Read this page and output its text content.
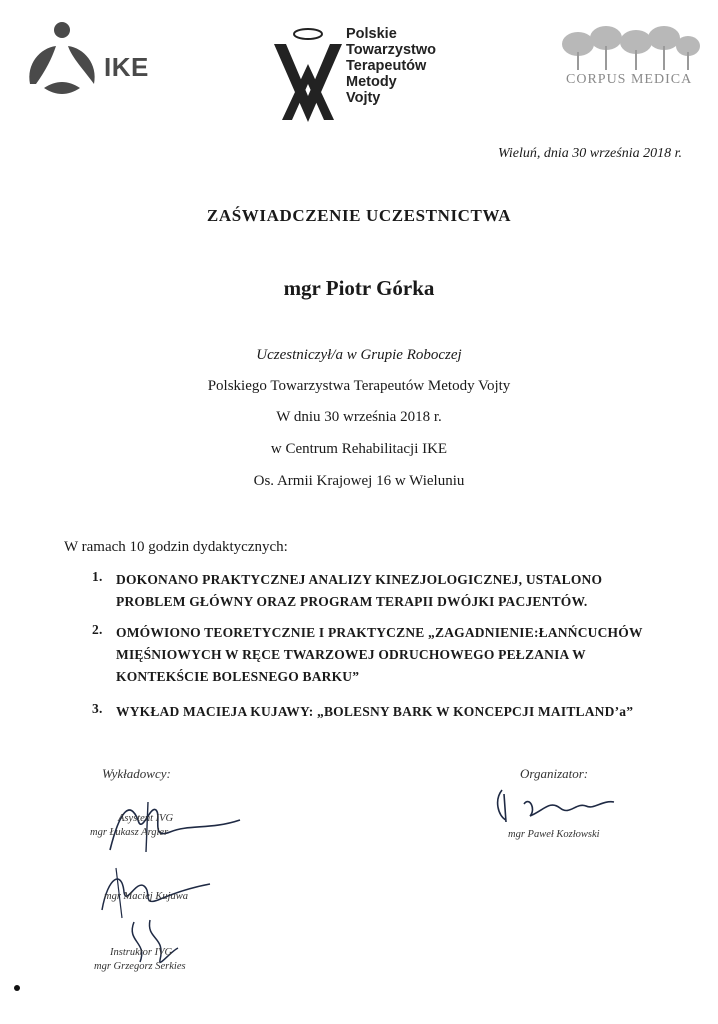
IKE
Polskie
Towarzystwo
Terapeutów
Metody
Vojty
CORPUS MEDICA
Wieluń, dnia 30 września 2018 r.
ZAŚWIADCZENIE UCZESTNICTWA
mgr Piotr Górka
Uczestniczył/a w Grupie Roboczej
Polskiego Towarzystwa Terapeutów Metody Vojty
W dniu 30 września 2018 r.
w Centrum Rehabilitacji IKE
Os. Armii Krajowej 16 w Wieluniu
W ramach 10 godzin dydaktycznych:
1. DOKONANO PRAKTYCZNEJ ANALIZY KINEZJOLOGICZNEJ, USTALONO PROBLEM GŁÓWNY ORAZ PROGRAM TERAPII DWÓJKI PACJENTÓW.
2. OMÓWIONO TEORETYCZNIE I PRAKTYCZNE „ZAGADNIENIE:ŁANŃCUCHÓW MIĘŚNIOWYCH W RĘCE TWARZOWEJ ODRUCHOWEGO PEŁZANIA W KONTEKŚCIE BOLESNEGO BARKU”
3. WYKŁAD MACIEJA KUJAWY: „BOLESNY BARK W KONCEPCJI MAITLAND’a”
Wykładowcy:	Organizator:
Asystent IVG
mgr Łukasz Argier
mgr Maciej Kujawa
Instruktor IVG
mgr Grzegorz Serkies
mgr Paweł Kozłowski
